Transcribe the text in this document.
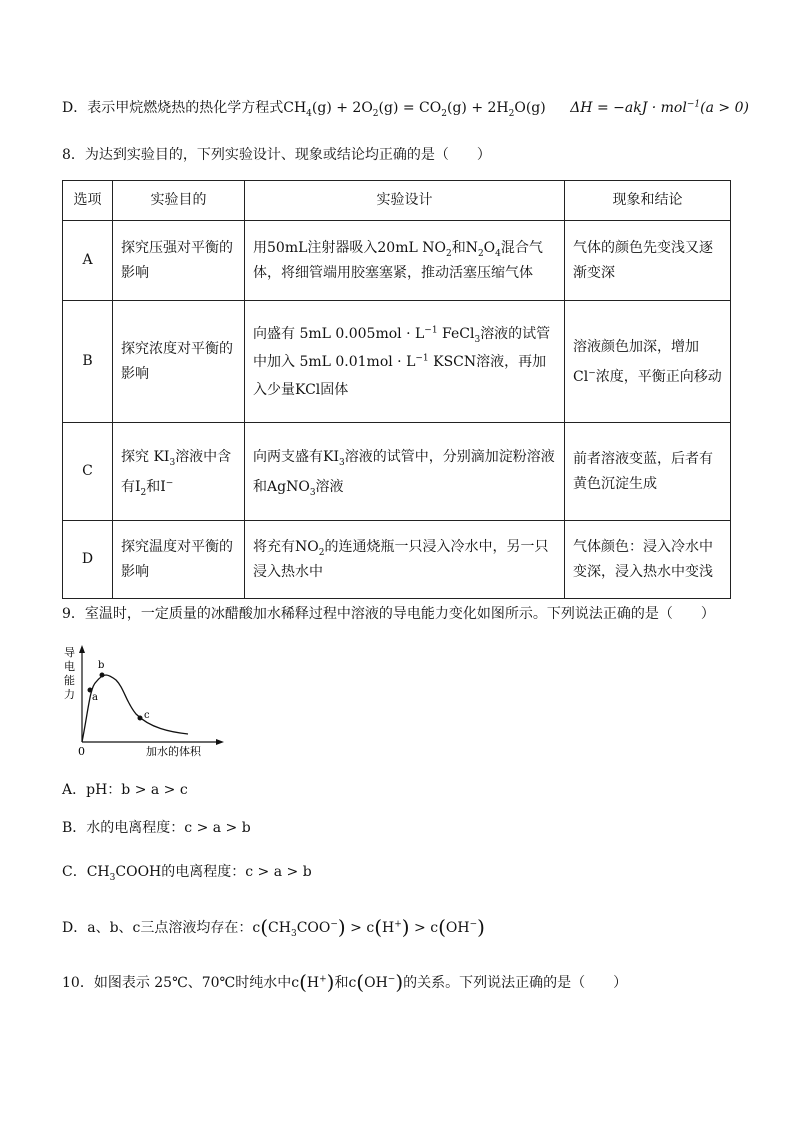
D．表示甲烷燃烧热的热化学方程式$CH_4(g) + 2O_2(g) = CO_2(g) + 2H_2O(g) \Delta H = -akJ \cdot mol^{-1}(a > 0)$
8．为达到实验目的，下列实验设计、现象或结论均正确的是（　　）
选项	实验目的	实验设计	现象和结论
A	探究压强对平衡的影响	用50mL注射器吸入20mL $NO_2$和$N_2O_4$混合气体，将细管端用胶塞塞紧，推动活塞压缩气体	气体的颜色先变浅又逐渐变深
B	探究浓度对平衡的影响	向盛有 5mL $0.005mol \cdot L^{-1}$ FeCl$_3$溶液的试管中加入 5mL $0.01mol \cdot L^{-1}$ KSCN溶液，再加入少量KCl固体	溶液颜色加深，增加Cl−浓度，平衡正向移动
C	探究 $KI_3$溶液中含有$I_2$和I−	向两支盛有$KI_3$溶液的试管中，分别滴加淀粉溶液和AgNO$_3$溶液	前者溶液变蓝，后者有黄色沉淀生成
D	探究温度对平衡的影响	将充有$NO_2$的连通烧瓶一只浸入冷水中，另一只浸入热水中	气体颜色：浸入冷水中变深，浸入热水中变浅
9．室温时，一定质量的冰醋酸加水稀释过程中溶液的导电能力变化如图所示。下列说法正确的是（　　）
a
b
c
0	加水的体积
导电能力
A．pH：b > a > c
B．水的电离程度：c > a > b
C．$CH_3COOH$的电离程度：c > a > b
D．a、b、c三点溶液均存在：$c(CH_3COO^-) > c(H^+) > c(OH^-)$
10．如图表示 25℃、70℃时纯水中c(H+)和c(OH−)的关系。下列说法正确的是（　　）
